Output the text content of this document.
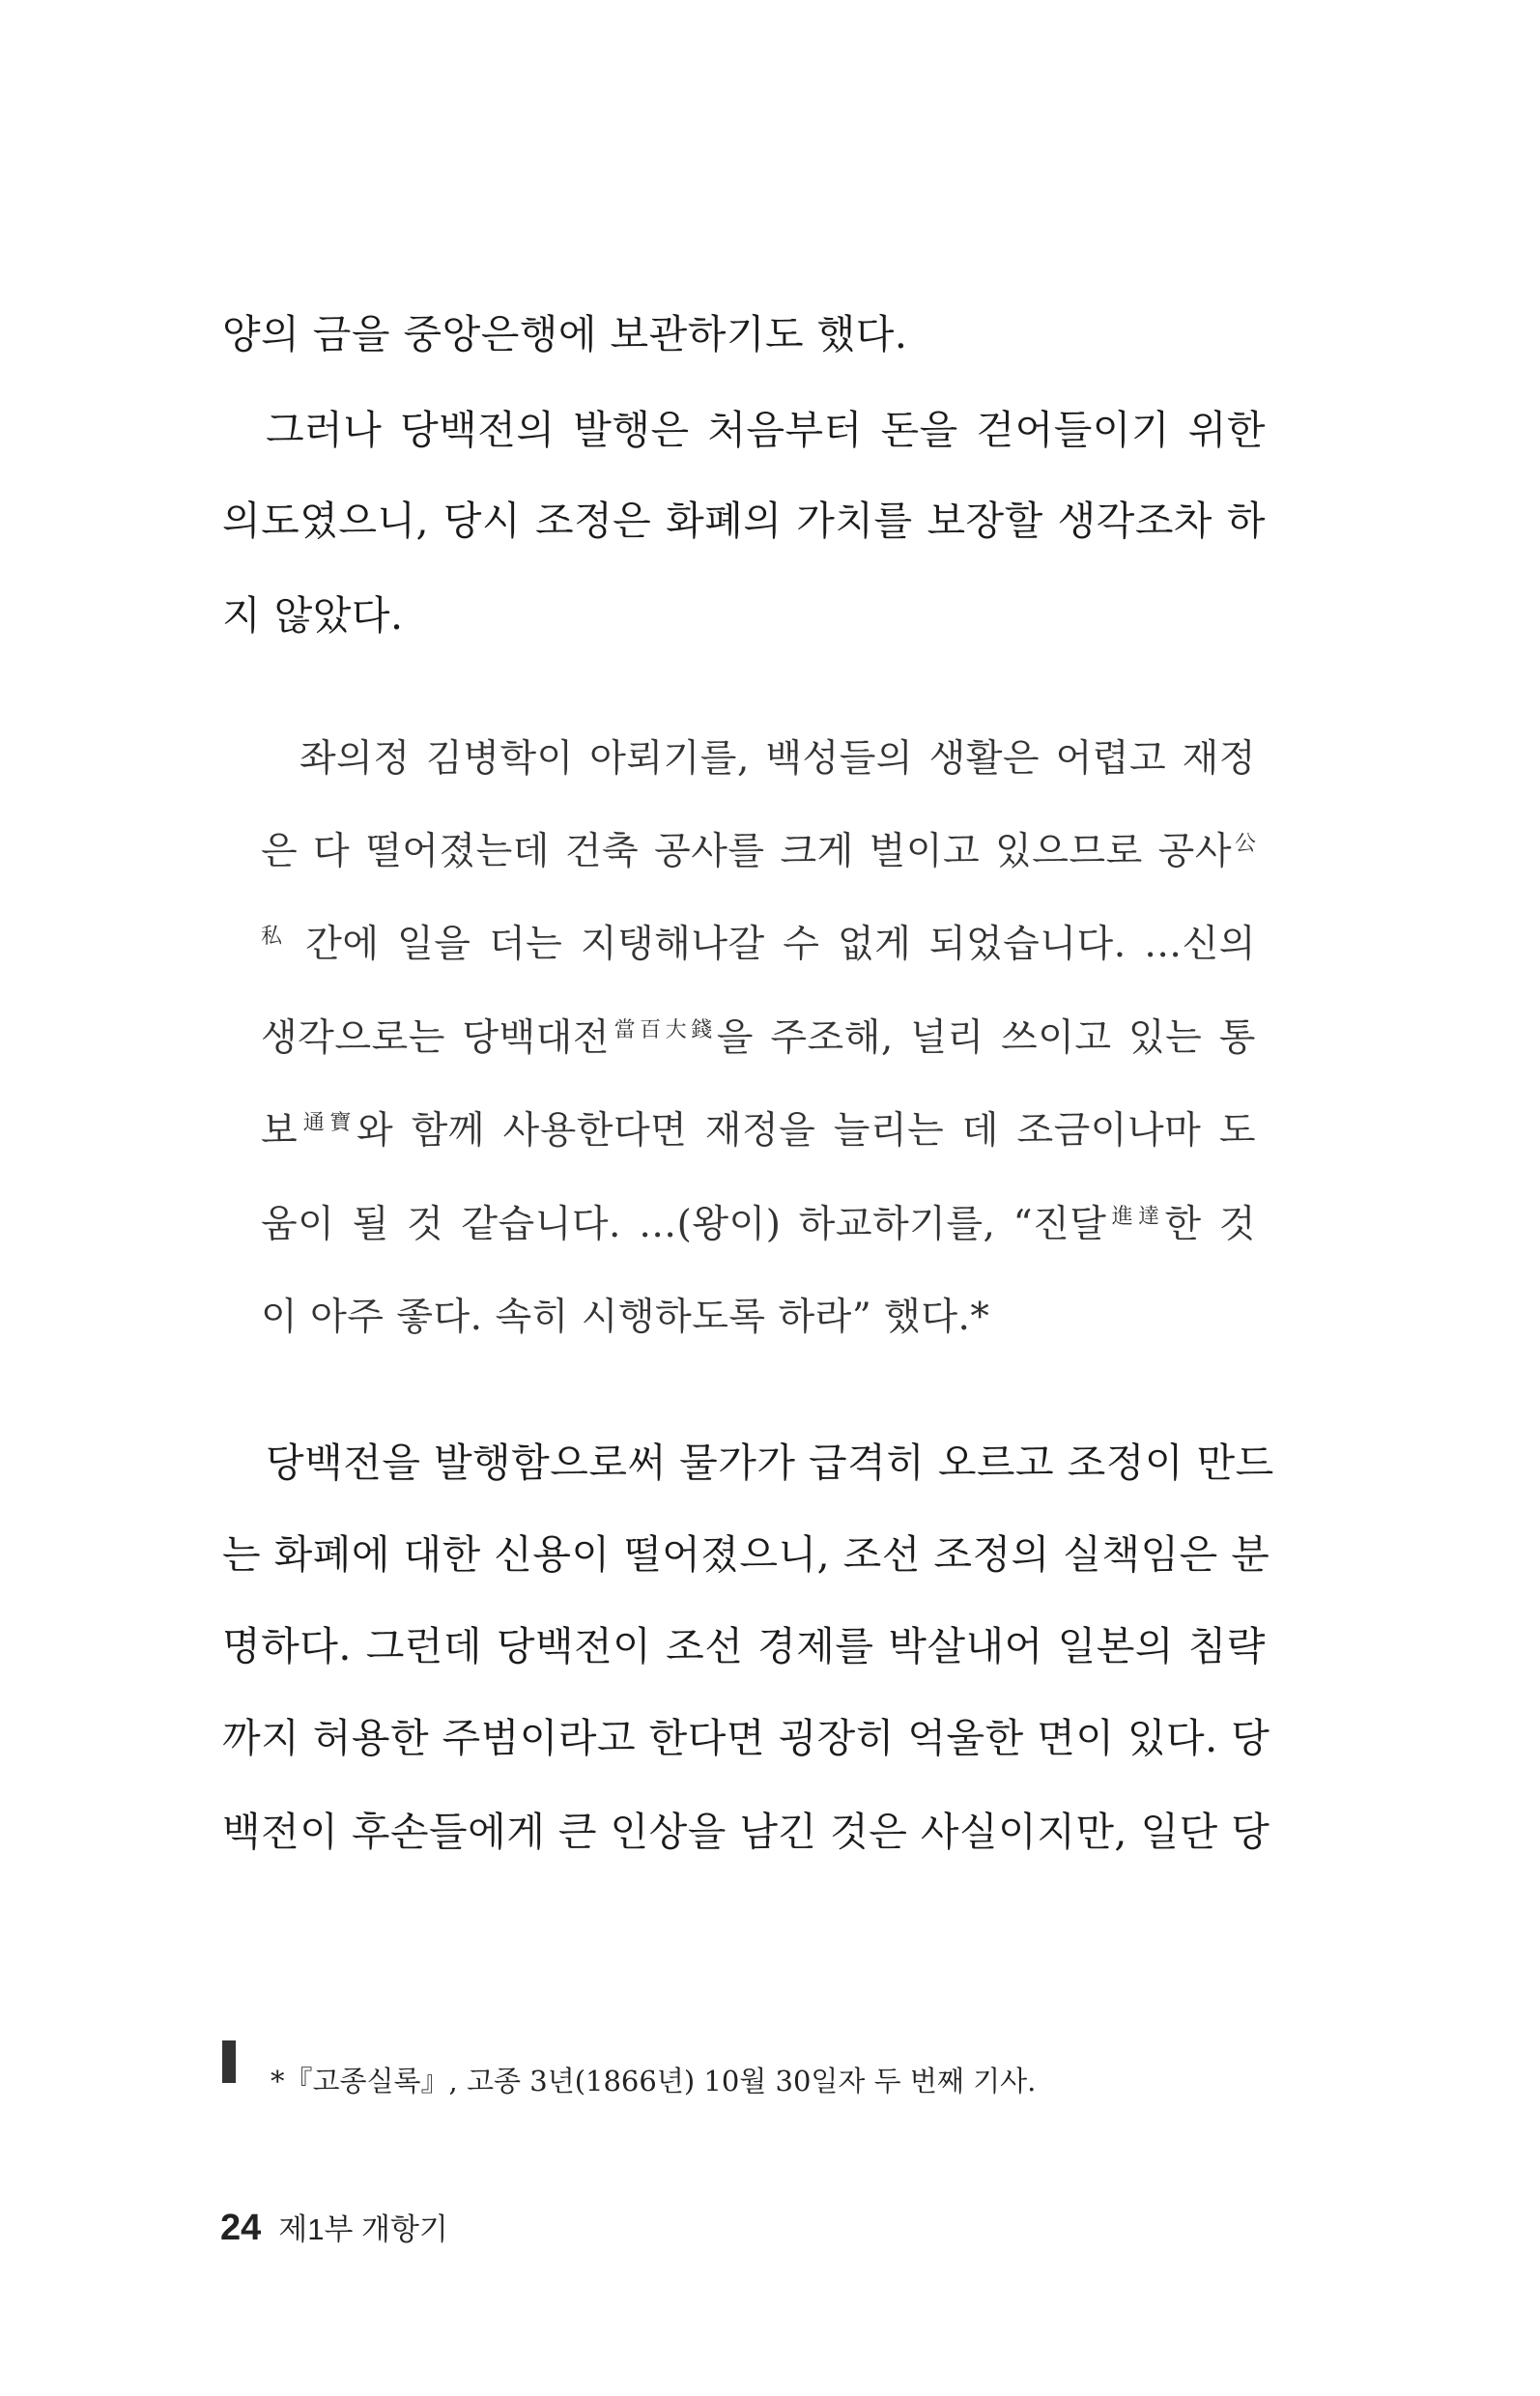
양의 금을 중앙은행에 보관하기도 했다.

그러나 당백전의 발행은 처음부터 돈을 걷어들이기 위한

의도였으니, 당시 조정은 화폐의 가치를 보장할 생각조차 하

지 않았다.

좌의정 김병학이 아뢰기를, 백성들의 생활은 어렵고 재정

은 다 떨어졌는데 건축 공사를 크게 벌이고 있으므로 공사$^公$

$^私$ 간에 일을 더는 지탱해나갈 수 없게 되었습니다. …신의

생각으로는 당백대전$^{當百大錢}$을 주조해, 널리 쓰이고 있는 통

보$^{通寶}$와 함께 사용한다면 재정을 늘리는 데 조금이나마 도

움이 될 것 같습니다. …(왕이) 하교하기를, “진달$^{進達}$한 것

이 아주 좋다. 속히 시행하도록 하라” 했다.*

당백전을 발행함으로써 물가가 급격히 오르고 조정이 만드

는 화폐에 대한 신용이 떨어졌으니, 조선 조정의 실책임은 분

명하다. 그런데 당백전이 조선 경제를 박살내어 일본의 침략

까지 허용한 주범이라고 한다면 굉장히 억울한 면이 있다. 당

백전이 후손들에게 큰 인상을 남긴 것은 사실이지만, 일단 당

*『고종실록』, 고종 3년(1866년) 10월 30일자 두 번째 기사.

24 제1부 개항기
